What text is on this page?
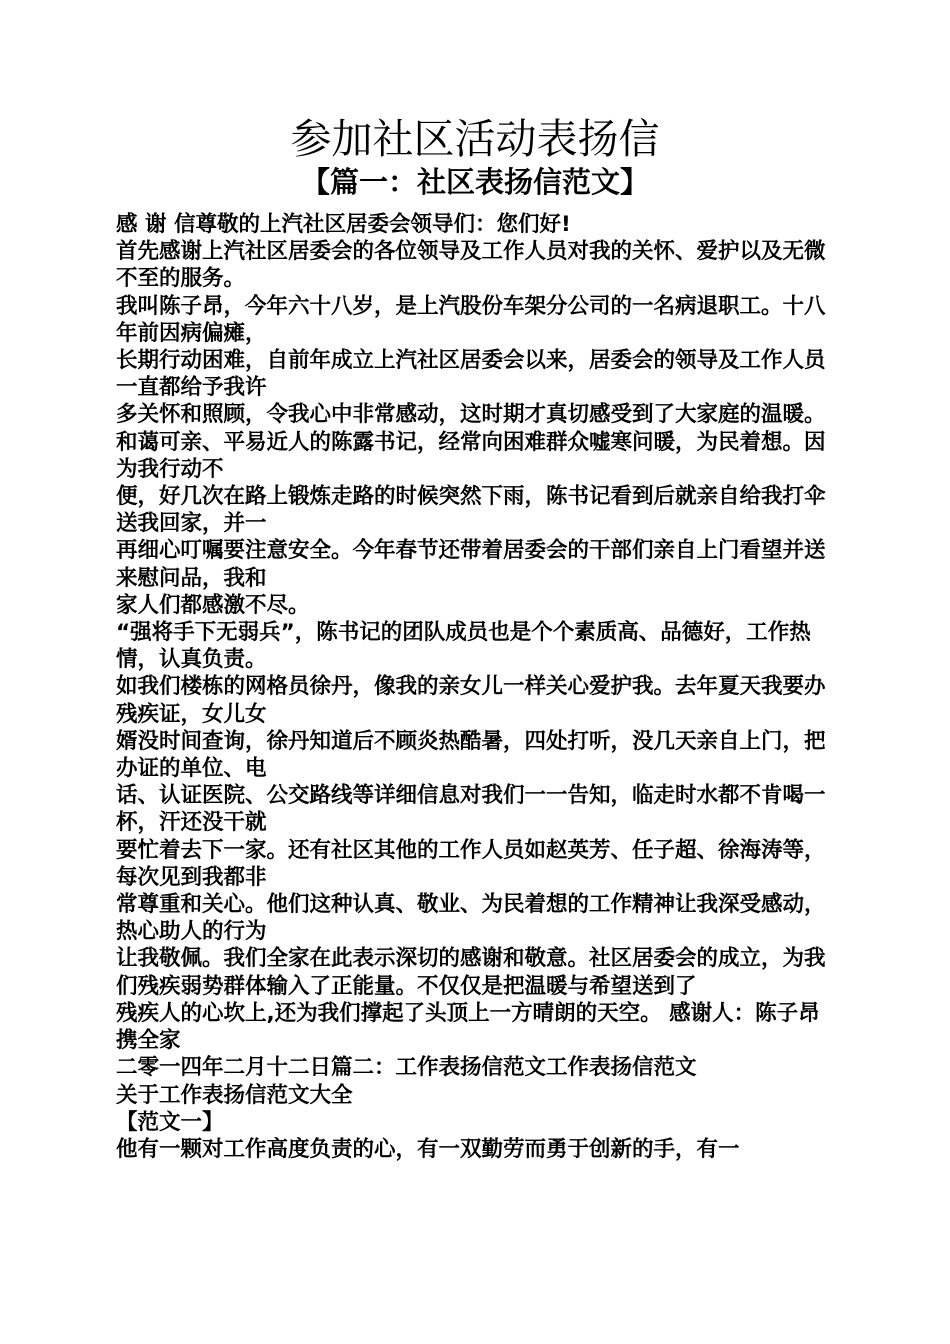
参加社区活动表扬信
【篇一：社区表扬信范文】

感 谢 信尊敬的上汽社区居委会领导们：您们好!

首先感谢上汽社区居委会的各位领导及工作人员对我的关怀、爱护以及无微不至的服务。

我叫陈子昂，今年六十八岁，是上汽股份车架分公司的一名病退职工。十八年前因病偏瘫，

长期行动困难，自前年成立上汽社区居委会以来，居委会的领导及工作人员一直都给予我许

多关怀和照顾，令我心中非常感动，这时期才真切感受到了大家庭的温暖。 和蔼可亲、平易近人的陈露书记，经常向困难群众嘘寒问暖，为民着想。因为我行动不

便，好几次在路上锻炼走路的时候突然下雨，陈书记看到后就亲自给我打伞送我回家，并一

再细心叮嘱要注意安全。今年春节还带着居委会的干部们亲自上门看望并送来慰问品，我和

家人们都感激不尽。

“强将手下无弱兵”，陈书记的团队成员也是个个素质高、品德好，工作热情，认真负责。

如我们楼栋的网格员徐丹，像我的亲女儿一样关心爱护我。去年夏天我要办残疾证，女儿女

婿没时间查询，徐丹知道后不顾炎热酷暑，四处打听，没几天亲自上门，把办证的单位、电

话、认证医院、公交路线等详细信息对我们一一告知，临走时水都不肯喝一杯，汗还没干就

要忙着去下一家。还有社区其他的工作人员如赵英芳、任子超、徐海涛等，每次见到我都非

常尊重和关心。他们这种认真、敬业、为民着想的工作精神让我深受感动，热心助人的行为

让我敬佩。我们全家在此表示深切的感谢和敬意。社区居委会的成立，为我们残疾弱势群体输入了正能量。不仅仅是把温暖与希望送到了

残疾人的心坎上,还为我们撑起了头顶上一方晴朗的天空。 感谢人：陈子昂携全家

二零一四年二月十二日篇二：工作表扬信范文工作表扬信范文

关于工作表扬信范文大全

【范文一】

他有一颗对工作高度负责的心，有一双勤劳而勇于创新的手，有一
